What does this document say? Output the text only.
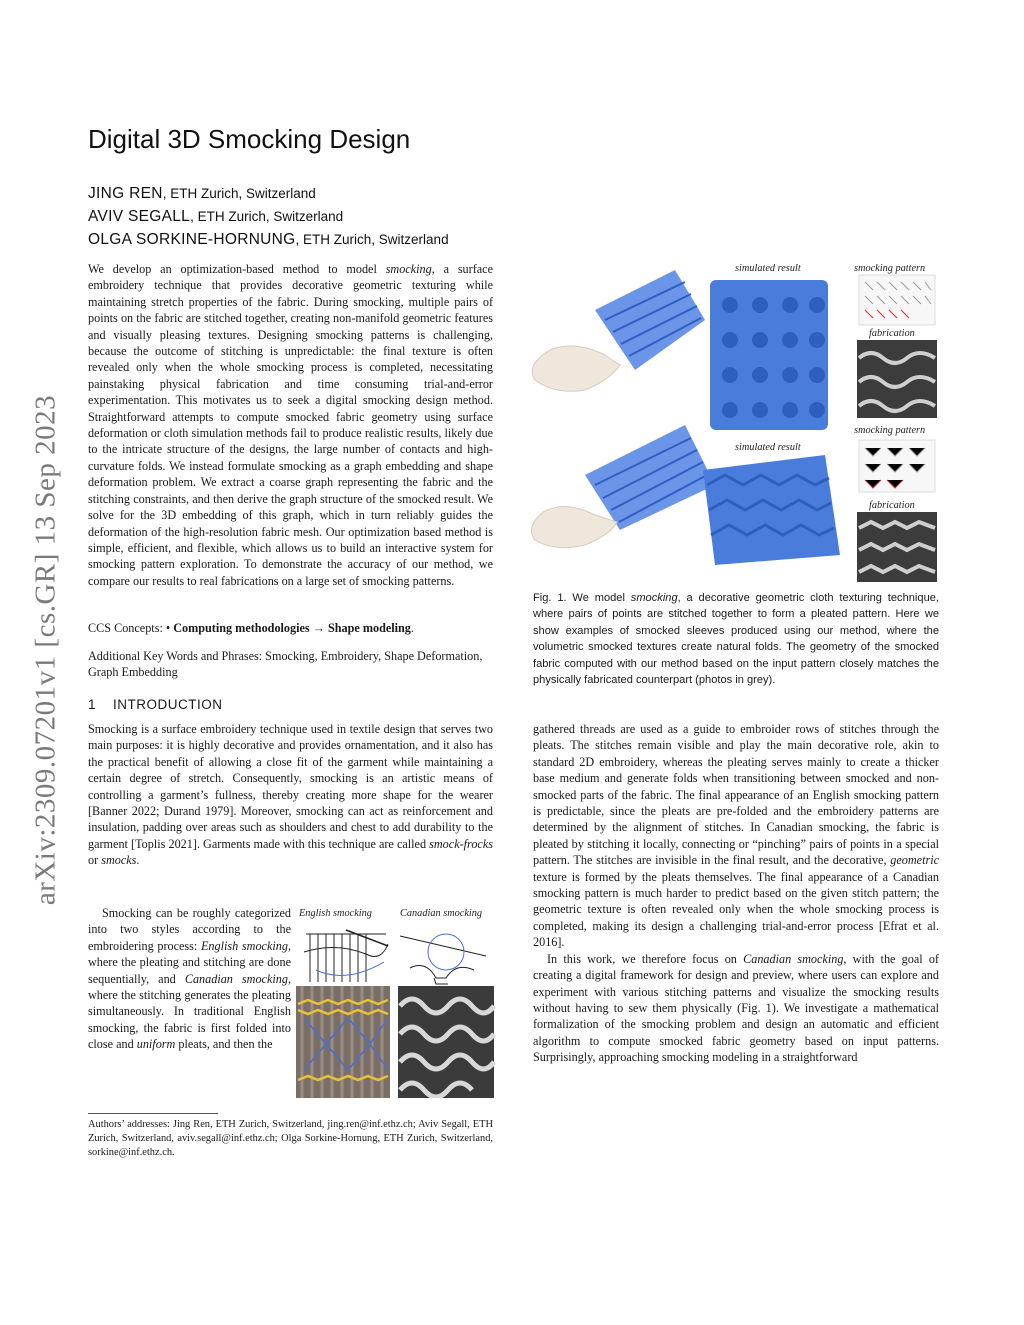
arXiv:2309.07201v1 [cs.GR] 13 Sep 2023
Digital 3D Smocking Design
JING REN, ETH Zurich, Switzerland
AVIV SEGALL, ETH Zurich, Switzerland
OLGA SORKINE-HORNUNG, ETH Zurich, Switzerland

We develop an optimization-based method to model smocking, a surface embroidery technique that provides decorative geometric texturing while maintaining stretch properties of the fabric. During smocking, multiple pairs of points on the fabric are stitched together, creating non-manifold geometric features and visually pleasing textures. Designing smocking patterns is challenging, because the outcome of stitching is unpredictable: the final texture is often revealed only when the whole smocking process is completed, necessitating painstaking physical fabrication and time consuming trial-and-error experimentation. This motivates us to seek a digital smocking design method. Straightforward attempts to compute smocked fabric geometry using surface deformation or cloth simulation methods fail to produce realistic results, likely due to the intricate structure of the designs, the large number of contacts and high-curvature folds. We instead formulate smocking as a graph embedding and shape deformation problem. We extract a coarse graph representing the fabric and the stitching constraints, and then derive the graph structure of the smocked result. We solve for the 3D embedding of this graph, which in turn reliably guides the deformation of the high-resolution fabric mesh. Our optimization based method is simple, efficient, and flexible, which allows us to build an interactive system for smocking pattern exploration. To demonstrate the accuracy of our method, we compare our results to real fabrications on a large set of smocking patterns.

CCS Concepts: • Computing methodologies → Shape modeling.
Additional Key Words and Phrases: Smocking, Embroidery, Shape Deformation, Graph Embedding
1 INTRODUCTION

Smocking is a surface embroidery technique used in textile design that serves two main purposes: it is highly decorative and provides ornamentation, and it also has the practical benefit of allowing a close fit of the garment while maintaining a certain degree of stretch. Consequently, smocking is an artistic means of controlling a garment’s fullness, thereby creating more shape for the wearer [Banner 2022; Durand 1979]. Moreover, smocking can act as reinforcement and insulation, padding over areas such as shoulders and chest to add durability to the garment [Toplis 2021]. Garments made with this technique are called smock-frocks or smocks.

Smocking can be roughly categorized into two styles according to the embroidering process: English smocking, where the pleating and stitching are done sequentially, and Canadian smocking, where the stitching generates the pleating simultaneously. In traditional English smocking, the fabric is first folded into close and uniform pleats, and then the

English smocking	Canadian smocking

Authors’ addresses: Jing Ren, ETH Zurich, Switzerland, jing.ren@inf.ethz.ch; Aviv Segall, ETH Zurich, Switzerland, aviv.segall@inf.ethz.ch; Olga Sorkine-Hornung, ETH Zurich, Switzerland, sorkine@inf.ethz.ch.

simulated result	smocking pattern
fabrication
simulated result
smocking pattern
fabrication

Fig. 1. We model smocking, a decorative geometric cloth texturing technique, where pairs of points are stitched together to form a pleated pattern. Here we show examples of smocked sleeves produced using our method, where the volumetric smocked textures create natural folds. The geometry of the smocked fabric computed with our method based on the input pattern closely matches the physically fabricated counterpart (photos in grey).

gathered threads are used as a guide to embroider rows of stitches through the pleats. The stitches remain visible and play the main decorative role, akin to standard 2D embroidery, whereas the pleating serves mainly to create a thicker base medium and generate folds when transitioning between smocked and non-smocked parts of the fabric. The final appearance of an English smocking pattern is predictable, since the pleats are pre-folded and the embroidery patterns are determined by the alignment of stitches. In Canadian smocking, the fabric is pleated by stitching it locally, connecting or “pinching” pairs of points in a special pattern. The stitches are invisible in the final result, and the decorative, geometric texture is formed by the pleats themselves. The final appearance of a Canadian smocking pattern is much harder to predict based on the given stitch pattern; the geometric texture is often revealed only when the whole smocking process is completed, making its design a challenging trial-and-error process [Efrat et al. 2016].

In this work, we therefore focus on Canadian smocking, with the goal of creating a digital framework for design and preview, where users can explore and experiment with various stitching patterns and visualize the smocking results without having to sew them physically (Fig. 1). We investigate a mathematical formalization of the smocking problem and design an automatic and efficient algorithm to compute smocked fabric geometry based on input patterns. Surprisingly, approaching smocking modeling in a straightforward
